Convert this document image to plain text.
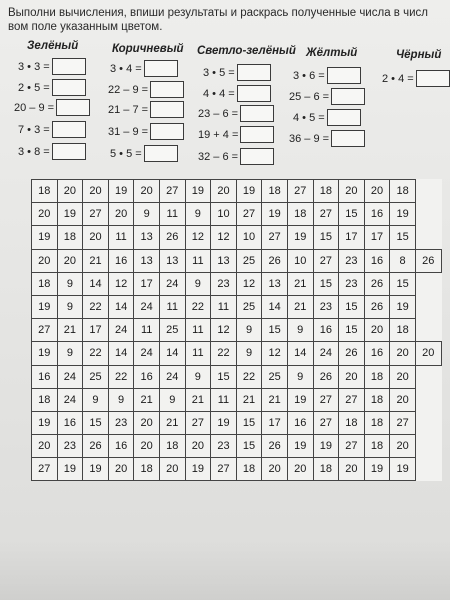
Выполни вычисления, впиши результаты и раскрась полученные числа в числ
вом поле указанным цветом.
Зелёный	Коричневый Светло-зелёный Жёлтый	Чёрный
3 • 3 =
2 • 5 =
20 – 9 =
7 • 3 =
3 • 8 =
3 • 4 =
22 – 9 =
21 – 7 =
31 – 9 =
5 • 5 =
3 • 5 =
4 • 4 =
23 – 6 =
19 + 4 =
32 – 6 =
3 • 6 =
25 – 6 =
4 • 5 =
36 – 9 =
2 • 4 =
18	20	20	19	20	27	19	20	19	18	27	18	20	20	18	
20	19	27	20	9	11	9	10	27	19	18	27	15	16	19	
19	18	20	11	13	26	12	12	10	27	19	15	17	17	15	
20	20	21	16	13	13	11	13	25	26	10	27	23	16	8	26
18	9	14	12	17	24	9	23	12	13	21	15	23	26	15	
19	9	22	14	24	11	22	11	25	14	21	23	15	26	19	
27	21	17	24	11	25	11	12	9	15	9	16	15	20	18	
19	9	22	14	24	14	11	22	9	12	14	24	26	16	20	20
16	24	25	22	16	24	9	15	22	25	9	26	20	18	20	
18	24	9	9	21	9	21	11	21	21	19	27	27	18	20	
19	16	15	23	20	21	27	19	15	17	16	27	18	18	27	
20	23	26	16	20	18	20	23	15	26	19	19	27	18	20	
27	19	19	20	18	20	19	27	18	20	20	18	20	19	19	
